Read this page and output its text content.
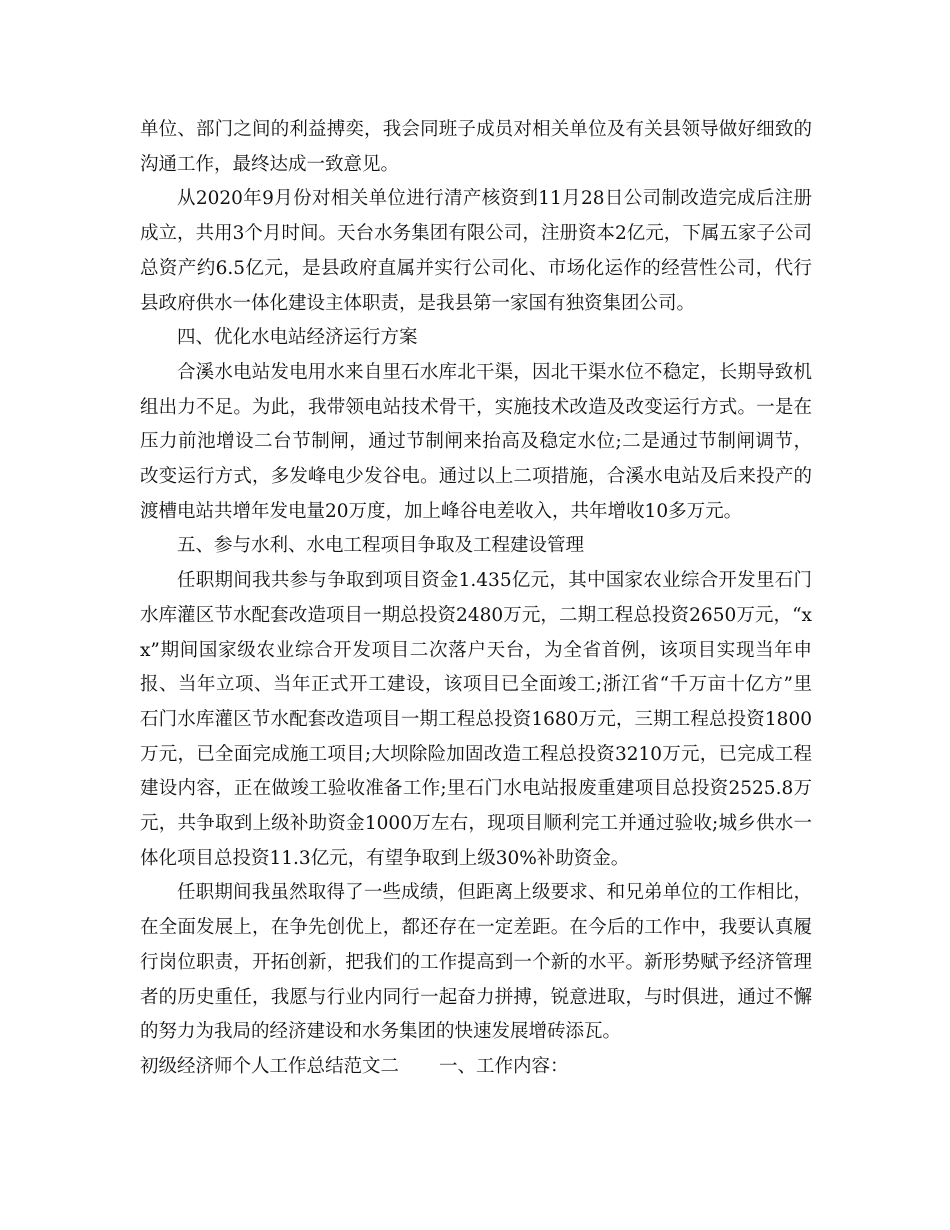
单位、部门之间的利益搏奕，我会同班子成员对相关单位及有关县领导做好细致的沟通工作，最终达成一致意见。

从2020年9月份对相关单位进行清产核资到11月28日公司制改造完成后注册成立，共用3个月时间。天台水务集团有限公司，注册资本2亿元，下属五家子公司总资产约6.5亿元，是县政府直属并实行公司化、市场化运作的经营性公司，代行县政府供水一体化建设主体职责，是我县第一家国有独资集团公司。

四、优化水电站经济运行方案

合溪水电站发电用水来自里石水库北干渠，因北干渠水位不稳定，长期导致机组出力不足。为此，我带领电站技术骨干，实施技术改造及改变运行方式。一是在压力前池增设二台节制闸，通过节制闸来抬高及稳定水位;二是通过节制闸调节，改变运行方式，多发峰电少发谷电。通过以上二项措施，合溪水电站及后来投产的渡槽电站共增年发电量20万度，加上峰谷电差收入，共年增收10多万元。

五、参与水利、水电工程项目争取及工程建设管理

任职期间我共参与争取到项目资金1.435亿元，其中国家农业综合开发里石门水库灌区节水配套改造项目一期总投资2480万元，二期工程总投资2650万元，“xx”期间国家级农业综合开发项目二次落户天台，为全省首例，该项目实现当年申报、当年立项、当年正式开工建设，该项目已全面竣工;浙江省“千万亩十亿方”里石门水库灌区节水配套改造项目一期工程总投资1680万元，三期工程总投资1800万元，已全面完成施工项目;大坝除险加固改造工程总投资3210万元，已完成工程建设内容，正在做竣工验收准备工作;里石门水电站报废重建项目总投资2525.8万元，共争取到上级补助资金1000万左右，现项目顺利完工并通过验收;城乡供水一体化项目总投资11.3亿元，有望争取到上级30%补助资金。

任职期间我虽然取得了一些成绩，但距离上级要求、和兄弟单位的工作相比，在全面发展上，在争先创优上，都还存在一定差距。在今后的工作中，我要认真履行岗位职责，开拓创新，把我们的工作提高到一个新的水平。新形势赋予经济管理者的历史重任，我愿与行业内同行一起奋力拼搏，锐意进取，与时俱进，通过不懈的努力为我局的经济建设和水务集团的快速发展增砖添瓦。

初级经济师个人工作总结范文二 一、工作内容：
